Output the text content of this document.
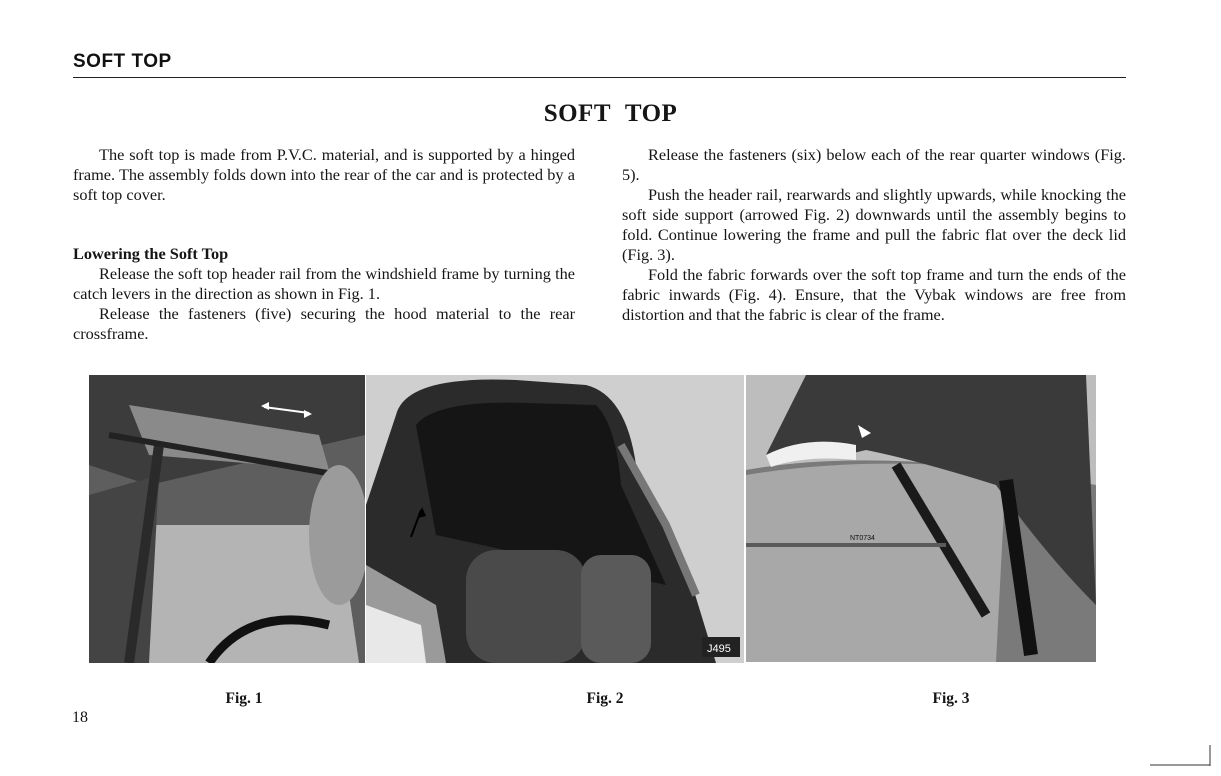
SOFT TOP
SOFT TOP

The soft top is made from P.V.C. material, and is supported by a hinged frame. The assembly folds down into the rear of the car and is protected by a soft top cover.

Lowering the Soft Top

Release the soft top header rail from the windshield frame by turning the catch levers in the direction as shown in Fig. 1.

Release the fasteners (five) securing the hood material to the rear crossframe.

Release the fasteners (six) below each of the rear quarter windows (Fig. 5).

Push the header rail, rearwards and slightly upwards, while knocking the soft side support (arrowed Fig. 2) downwards until the assembly begins to fold. Continue lowering the frame and pull the fabric flat over the deck lid (Fig. 3).

Fold the fabric forwards over the soft top frame and turn the ends of the fabric inwards (Fig. 4). Ensure, that the Vybak windows are free from distortion and that the fabric is clear of the frame.

J495
NT0734
Fig. 1	Fig. 2	Fig. 3
18
